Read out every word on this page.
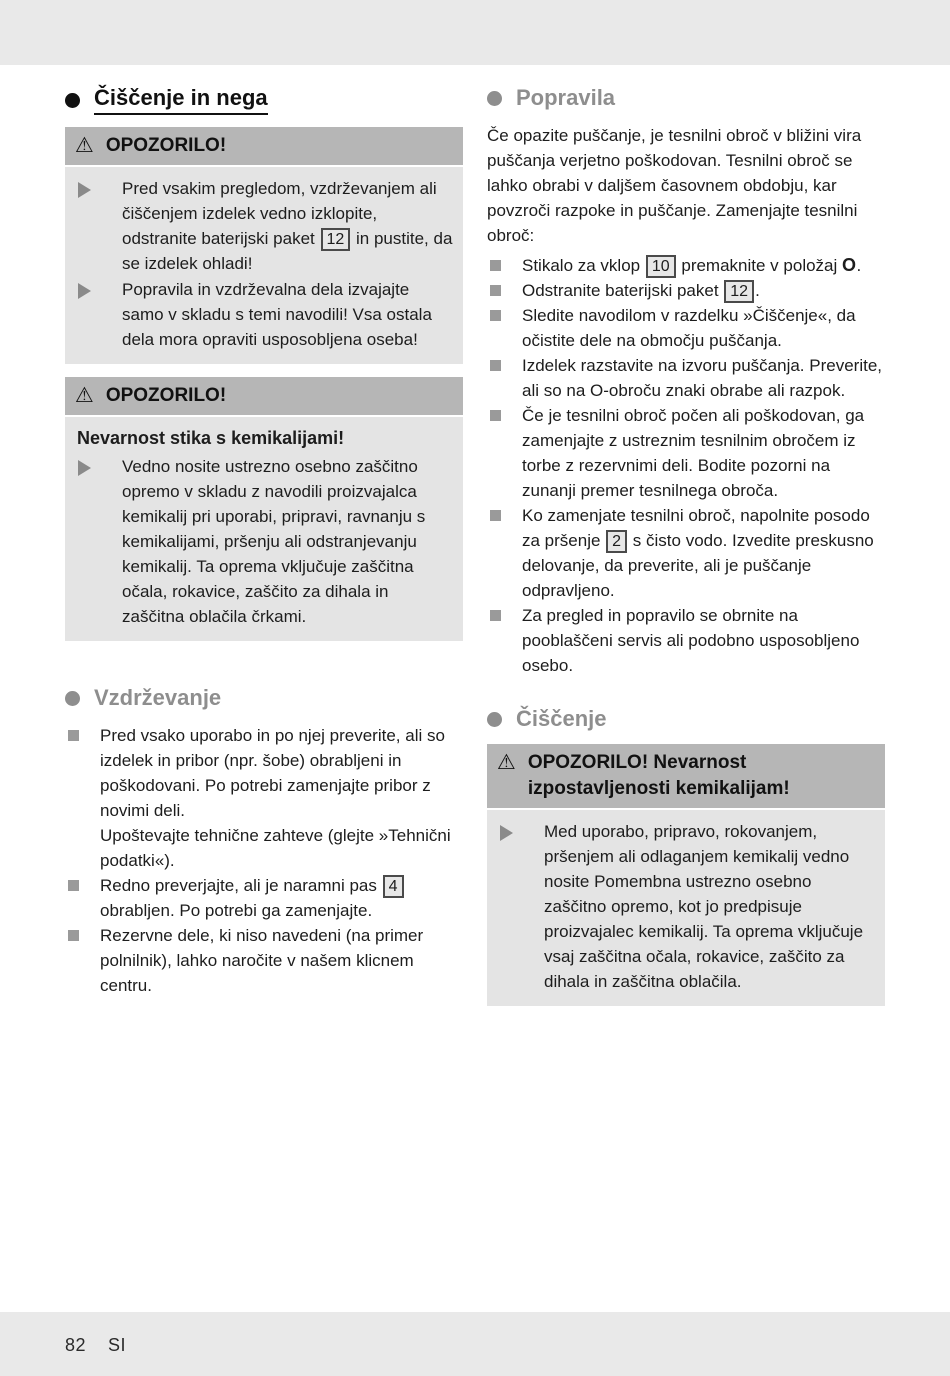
Čiščenje in nega
⚠ OPOZORILO!

Pred vsakim pregledom, vzdrževanjem ali čiščenjem izdelek vedno izklopite, odstranite baterijski paket 12 in pustite, da se izdelek ohladi!

Popravila in vzdrževalna dela izvajajte samo v skladu s temi navodili! Vsa ostala dela mora opraviti usposobljena oseba!

⚠ OPOZORILO!
Nevarnost stika s kemikalijami!

Vedno nosite ustrezno osebno zaščitno opremo v skladu z navodili proizvajalca kemikalij pri uporabi, pripravi, ravnanju s kemikalijami, pršenju ali odstranjevanju kemikalij. Ta oprema vključuje zaščitna očala, rokavice, zaščito za dihala in zaščitna oblačila črkami.

Vzdrževanje

Pred vsako uporabo in po njej preverite, ali so izdelek in pribor (npr. šobe) obrabljeni in poškodovani. Po potrebi zamenjajte pribor z novimi deli.

Upoštevajte tehnične zahteve (glejte »Tehnični podatki«).

Redno preverjajte, ali je naramni pas 4 obrabljen. Po potrebi ga zamenjajte.

Rezervne dele, ki niso navedeni (na primer polnilnik), lahko naročite v našem klicnem centru.

Popravila

Če opazite puščanje, je tesnilni obroč v bližini vira puščanja verjetno poškodovan. Tesnilni obroč se lahko obrabi v daljšem časovnem obdobju, kar povzroči razpoke in puščanje. Zamenjajte tesnilni obroč:

Stikalo za vklop 10 premaknite v položaj O.

Odstranite baterijski paket 12 .

Sledite navodilom v razdelku »Čiščenje«, da očistite dele na območju puščanja.

Izdelek razstavite na izvoru puščanja. Preverite, ali so na O-obroču znaki obrabe ali razpok.

Če je tesnilni obroč počen ali poškodovan, ga zamenjajte z ustreznim tesnilnim obročem iz torbe z rezervnimi deli. Bodite pozorni na zunanji premer tesnilnega obroča.

Ko zamenjate tesnilni obroč, napolnite posodo za pršenje 2 s čisto vodo. Izvedite preskusno delovanje, da preverite, ali je puščanje odpravljeno.

Za pregled in popravilo se obrnite na pooblaščeni servis ali podobno usposobljeno osebo.

Čiščenje
⚠ OPOZORILO! Nevarnost
izpostavljenosti kemikalijam!

Med uporabo, pripravo, rokovanjem, pršenjem ali odlaganjem kemikalij vedno nosite Pomembna ustrezno osebno zaščitno opremo, kot jo predpisuje proizvajalec kemikalij. Ta oprema vključuje vsaj zaščitna očala, rokavice, zaščito za dihala in zaščitna oblačila.

82 SI
